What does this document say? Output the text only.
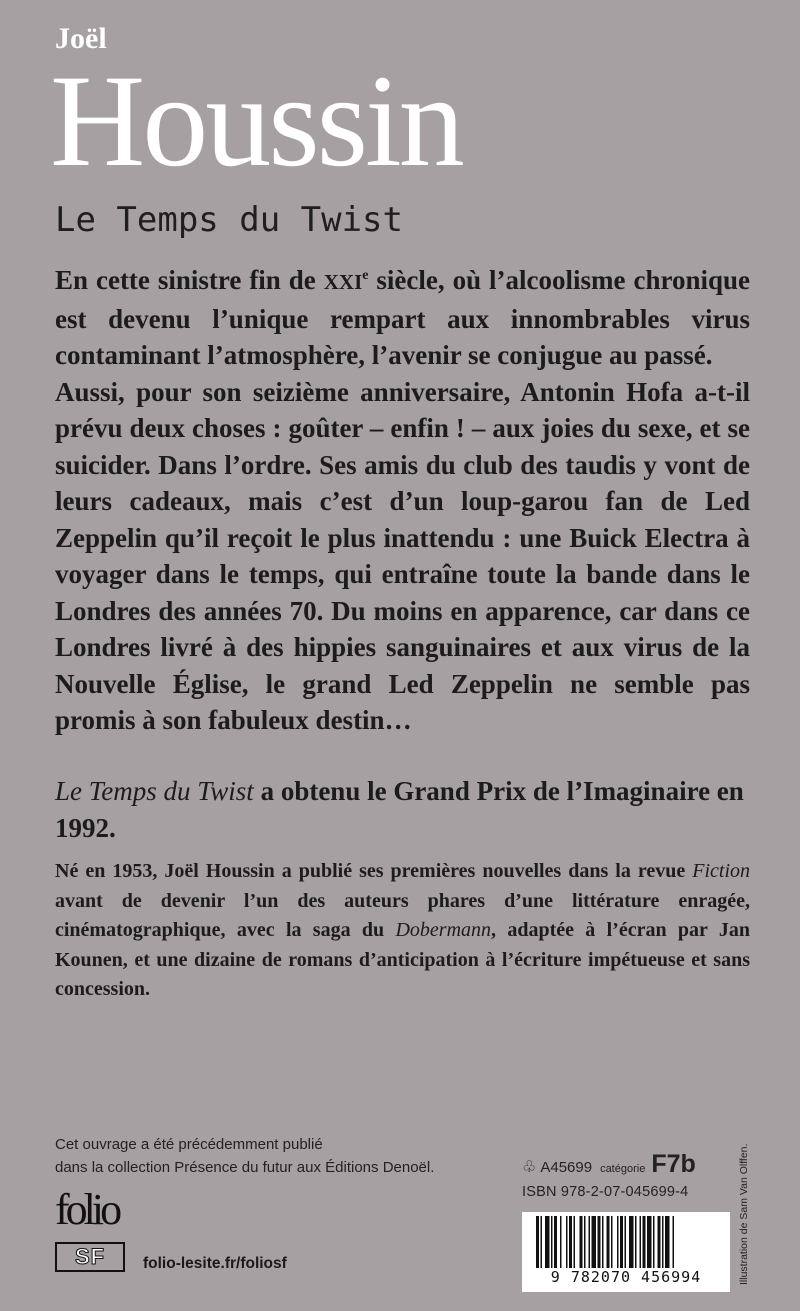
Joël
Houssin
Le Temps du Twist

En cette sinistre fin de XXIe siècle, où l’alcoolisme chronique est devenu l’unique rempart aux innombrables virus contaminant l’atmosphère, l’avenir se conjugue au passé.

Aussi, pour son seizième anniversaire, Antonin Hofa a-t-il prévu deux choses : goûter – enfin ! – aux joies du sexe, et se suicider. Dans l’ordre. Ses amis du club des taudis y vont de leurs cadeaux, mais c’est d’un loup-garou fan de Led Zeppelin qu’il reçoit le plus inattendu : une Buick Electra à voyager dans le temps, qui entraîne toute la bande dans le Londres des années 70. Du moins en apparence, car dans ce Londres livré à des hippies sanguinaires et aux virus de la Nouvelle Église, le grand Led Zeppelin ne semble pas promis à son fabuleux destin…

Le Temps du Twist a obtenu le Grand Prix de l’Imaginaire en 1992.
Né en 1953, Joël Houssin a publié ses premières nouvelles dans la revue Fiction avant de devenir l’un des auteurs phares d’une littérature enragée, cinématographique, avec la saga du Dobermann, adaptée à l’écran par Jan Kounen, et une dizaine de romans d’anticipation à l’écriture impétueuse et sans concession.
Cet ouvrage a été précédemment publié
dans la collection Présence du futur aux Éditions Denoël.	♧ A45699 catégorie F7b
ISBN 978-2-07-045699-4
9 782070 456994
folio
SF folio-lesite.fr/foliosf	Illustration de Sam Van Olffen.
